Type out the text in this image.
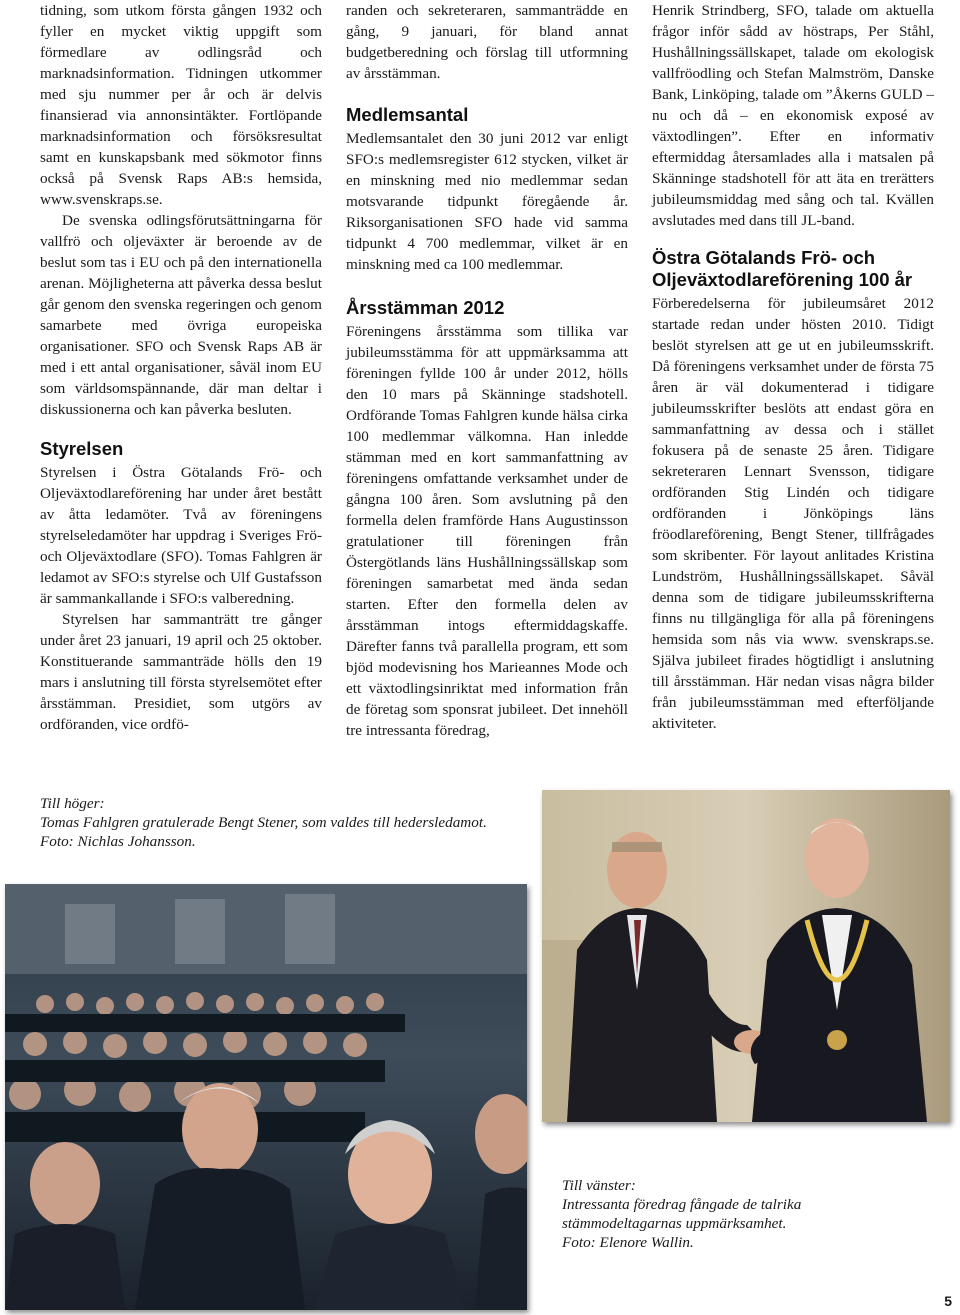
tidning, som utkom första gången 1932 och fyller en mycket viktig uppgift som förmedlare av odlingsråd och marknadsinformation. Tidningen utkommer med sju nummer per år och är delvis finansierad via annonsintäkter. Fortlöpande marknadsinformation och försöksresultat samt en kunskapsbank med sökmotor finns också på Svensk Raps AB:s hemsida, www.svenskraps.se.

De svenska odlingsförutsättningarna för vallfrö och oljeväxter är beroende av de beslut som tas i EU och på den internationella arenan. Möjligheterna att påverka dessa beslut går genom den svenska regeringen och genom samarbete med övriga europeiska organisationer. SFO och Svensk Raps AB är med i ett antal organisationer, såväl inom EU som världsomspännande, där man deltar i diskussionerna och kan påverka besluten.

Styrelsen

Styrelsen i Östra Götalands Frö- och Oljeväxtodlareförening har under året bestått av åtta ledamöter. Två av föreningens styrelseledamöter har uppdrag i Sveriges Frö- och Oljeväxtodlare (SFO). Tomas Fahlgren är ledamot av SFO:s styrelse och Ulf Gustafsson är sammankallande i SFO:s valberedning.

Styrelsen har sammanträtt tre gånger under året 23 januari, 19 april och 25 oktober. Konstituerande sammanträde hölls den 19 mars i anslutning till första styrelsemötet efter årsstämman. Presidiet, som utgörs av ordföranden, vice ordfö-

randen och sekreteraren, sammanträdde en gång, 9 januari, för bland annat budgetberedning och förslag till utformning av årsstämman.

Medlemsantal

Medlemsantalet den 30 juni 2012 var enligt SFO:s medlemsregister 612 stycken, vilket är en minskning med nio medlemmar sedan motsvarande tidpunkt föregående år. Riksorganisationen SFO hade vid samma tidpunkt 4 700 medlemmar, vilket är en minskning med ca 100 medlemmar.

Årsstämman 2012

Föreningens årsstämma som tillika var jubileumsstämma för att uppmärksamma att föreningen fyllde 100 år under 2012, hölls den 10 mars på Skänninge stadshotell. Ordförande Tomas Fahlgren kunde hälsa cirka 100 medlemmar välkomna. Han inledde stämman med en kort sammanfattning av föreningens omfattande verksamhet under de gångna 100 åren. Som avslutning på den formella delen framförde Hans Augustinsson gratulationer till föreningen från Östergötlands läns Hushållningssällskap som föreningen samarbetat med ända sedan starten. Efter den formella delen av årsstämman intogs eftermiddagskaffe. Därefter fanns två parallella program, ett som bjöd modevisning hos Marieannes Mode och ett växtodlingsinriktat med information från de företag som sponsrat jubileet. Det innehöll tre intressanta föredrag,

Henrik Strindberg, SFO, talade om aktuella frågor inför sådd av höstraps, Per Ståhl, Hushållningssällskapet, talade om ekologisk vallfröodling och Stefan Malmström, Danske Bank, Linköping, talade om ”Åkerns GULD – nu och då – en ekonomisk exposé av växtodlingen”. Efter en informativ eftermiddag återsamlades alla i matsalen på Skänninge stadshotell för att äta en trerätters jubileumsmiddag med sång och tal. Kvällen avslutades med dans till JL-band.

Östra Götalands Frö- och Oljeväxtodlareförening 100 år

Förberedelserna för jubileumsåret 2012 startade redan under hösten 2010. Tidigt beslöt styrelsen att ge ut en jubileumsskrift. Då föreningens verksamhet under de första 75 åren är väl dokumenterad i tidigare jubileumsskrifter beslöts att endast göra en sammanfattning av dessa och i stället fokusera på de senaste 25 åren. Tidigare sekreteraren Lennart Svensson, tidigare ordföranden Stig Lindén och tidigare ordföranden i Jönköpings läns fröodlareförening, Bengt Stener, tillfrågades som skribenter. För layout anlitades Kristina Lundström, Hushållningssällskapet. Såväl denna som de tidigare jubileumsskrifterna finns nu tillgängliga för alla på föreningens hemsida som nås via www. svenskraps.se. Själva jubileet firades högtidligt i anslutning till årsstämman. Här nedan visas några bilder från jubileumsstämman med efterföljande aktiviteter.

Till höger:
Tomas Fahlgren gratulerade Bengt Stener, som valdes till hedersledamot.
Foto: Nichlas Johansson.
Till vänster:
Intressanta föredrag fångade de talrika stämmodeltagarnas uppmärksamhet.
Foto: Elenore Wallin.
5
